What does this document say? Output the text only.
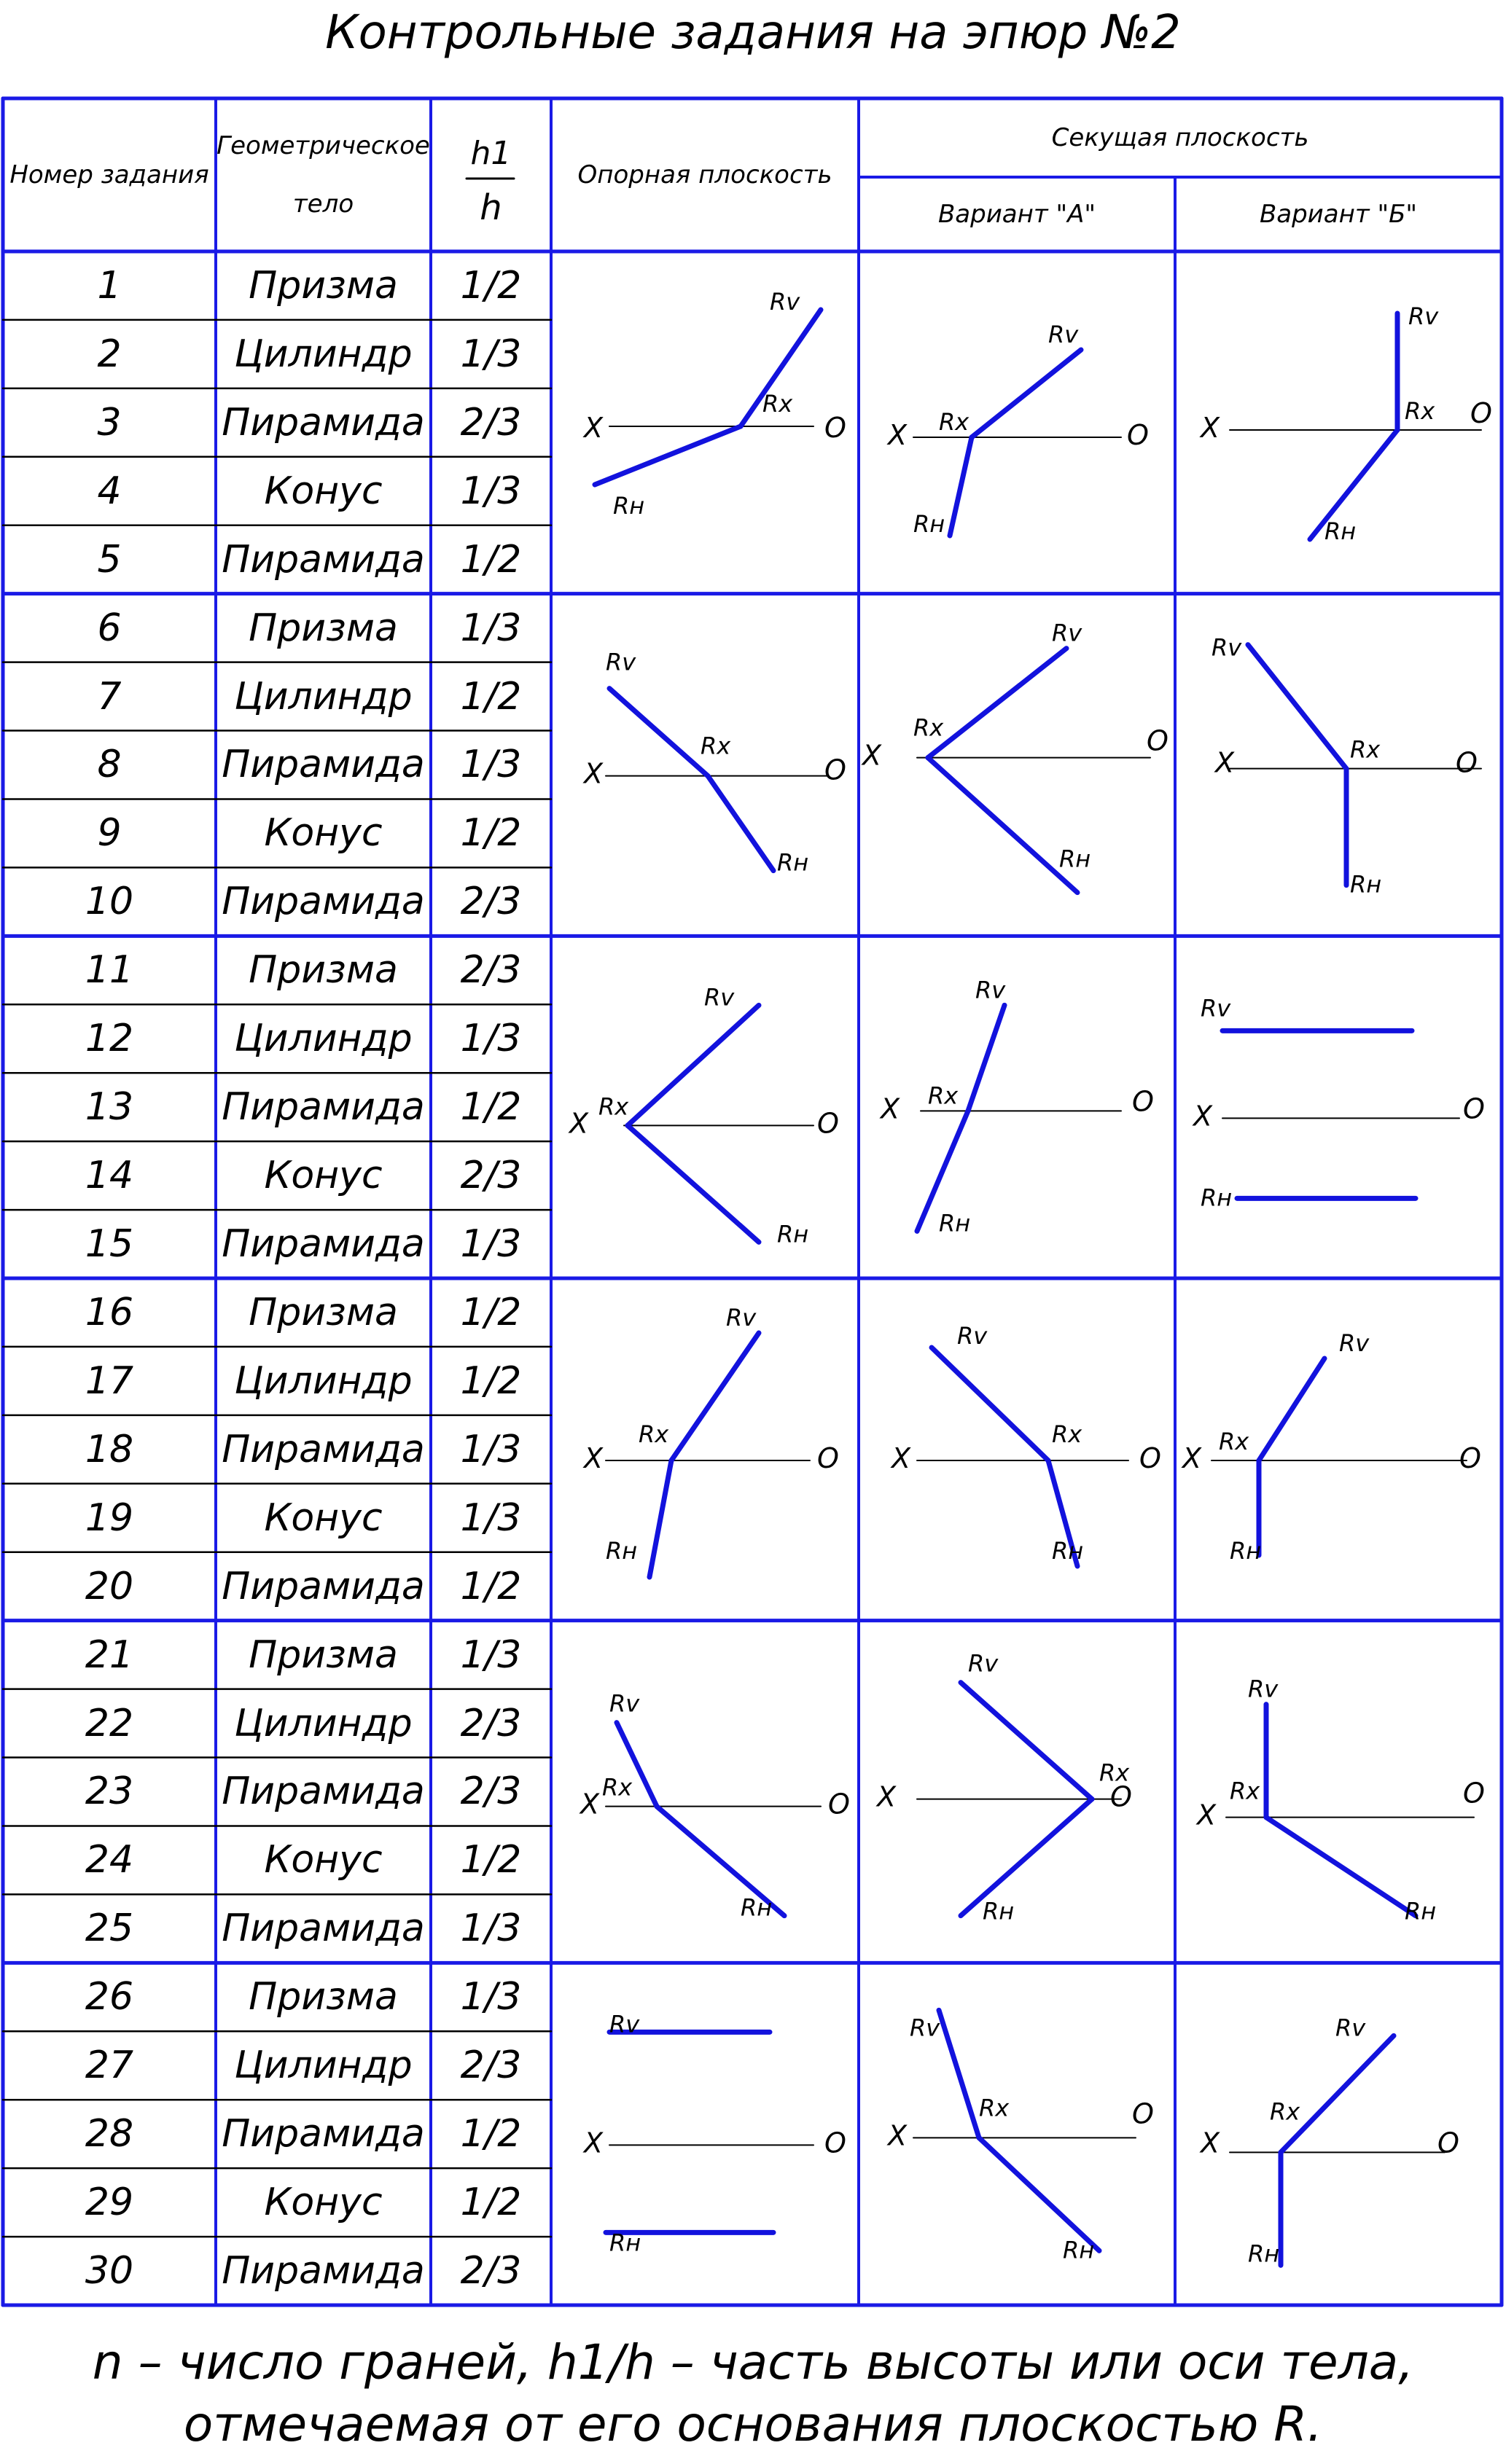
Контрольные задания на эпюр №2
X	O
Rv
Rx
Rн
X	O
Rv
Rx
Rн
X	O
Rv
Rx
Rн
X	O
Rv
Rx
Rн
X	O
Rv
Rx
Rн
X	O
Rv
Rx
Rн
X	O
Rv
Rx
Rн
X	O
Rv
Rx
Rн
X	O
Rv
Rн
X	O
Rv
Rx
Rн
X	O
Rv
Rx
Rн
X	O
Rv
Rx
Rн
X	O
Rv
Rx
Rн
X	O
Rv
Rx
Rн
X
O
Rv
Rx
Rн
X	O
Rv
Rн
X
O
Rv
Rx
Rн
X	O
Rv
Rx
Rн
Номер задания
Геометрическое
тело
h1
h
Опорная плоскость
Секущая плоскость
Вариант "А"	Вариант "Б"
1	Призма	1/2
2	Цилиндр	1/3
3	Пирамида 2/3
4	Конус	1/3
5	Пирамида 1/2
6	Призма	1/3
7	Цилиндр	1/2
8	Пирамида 1/3
9	Конус	1/2
10	Пирамида 2/3
11	Призма	2/3
12	Цилиндр	1/3
13	Пирамида 1/2
14	Конус	2/3
15	Пирамида 1/3
16	Призма	1/2
17	Цилиндр	1/2
18	Пирамида 1/3
19	Конус	1/3
20	Пирамида 1/2
21	Призма	1/3
22	Цилиндр	2/3
23	Пирамида 2/3
24	Конус	1/2
25	Пирамида 1/3
26	Призма	1/3
27	Цилиндр	2/3
28	Пирамида 1/2
29	Конус	1/2
30	Пирамида 2/3
n – число граней, h1/h – часть высоты или оси тела,
отмечаемая от его основания плоскостью R.
